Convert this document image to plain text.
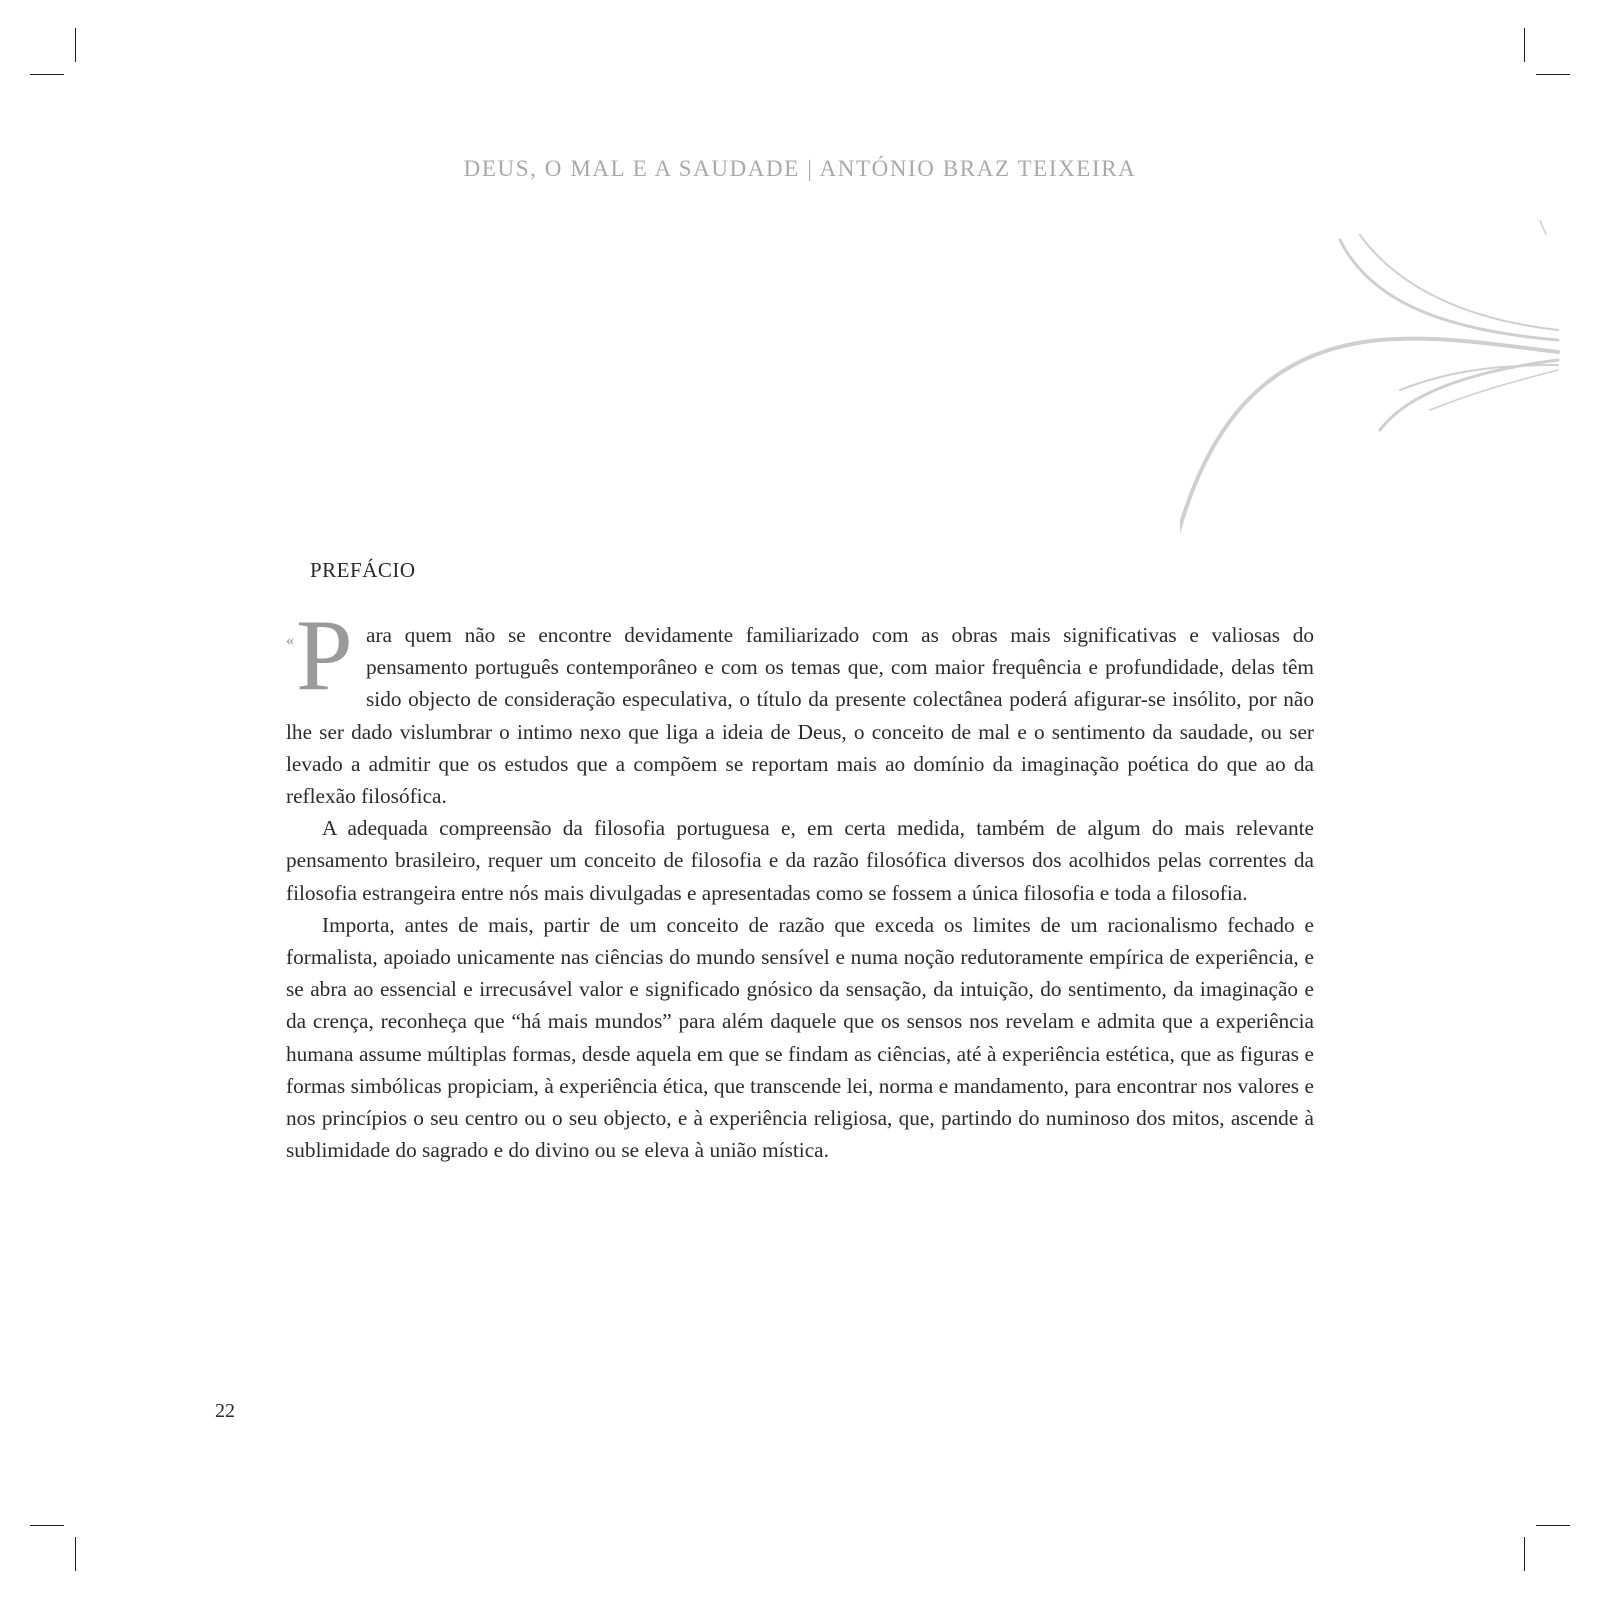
DEUS, O MAL E A SAUDADE | ANTÓNIO BRAZ TEIXEIRA
PREFÁCIO

« P ara quem não se encontre devidamente familiarizado com as obras mais significativas e valiosas do pensamento português contemporâneo e com os temas que, com maior frequência e profundidade, delas têm sido objecto de consideração especulativa, o título da presente colectânea poderá afigurar-se insólito, por não lhe ser dado vislumbrar o intimo nexo que liga a ideia de Deus, o conceito de mal e o sentimento da saudade, ou ser levado a admitir que os estudos que a compõem se reportam mais ao domínio da imaginação poética do que ao da reflexão filosófica.

A adequada compreensão da filosofia portuguesa e, em certa medida, também de algum do mais relevante pensamento brasileiro, requer um conceito de filosofia e da razão filosófica diversos dos acolhidos pelas correntes da filosofia estrangeira entre nós mais divulgadas e apresentadas como se fossem a única filosofia e toda a filosofia.

Importa, antes de mais, partir de um conceito de razão que exceda os limites de um racionalismo fechado e formalista, apoiado unicamente nas ciências do mundo sensível e numa noção redutoramente empírica de experiência, e se abra ao essencial e irrecusável valor e significado gnósico da sensação, da intuição, do sentimento, da imaginação e da crença, reconheça que “há mais mundos” para além daquele que os sensos nos revelam e admita que a experiência humana assume múltiplas formas, desde aquela em que se findam as ciências, até à experiência estética, que as figuras e formas simbólicas propiciam, à experiência ética, que transcende lei, norma e mandamento, para encontrar nos valores e nos princípios o seu centro ou o seu objecto, e à experiência religiosa, que, partindo do numinoso dos mitos, ascende à sublimidade do sagrado e do divino ou se eleva à união mística.

22
